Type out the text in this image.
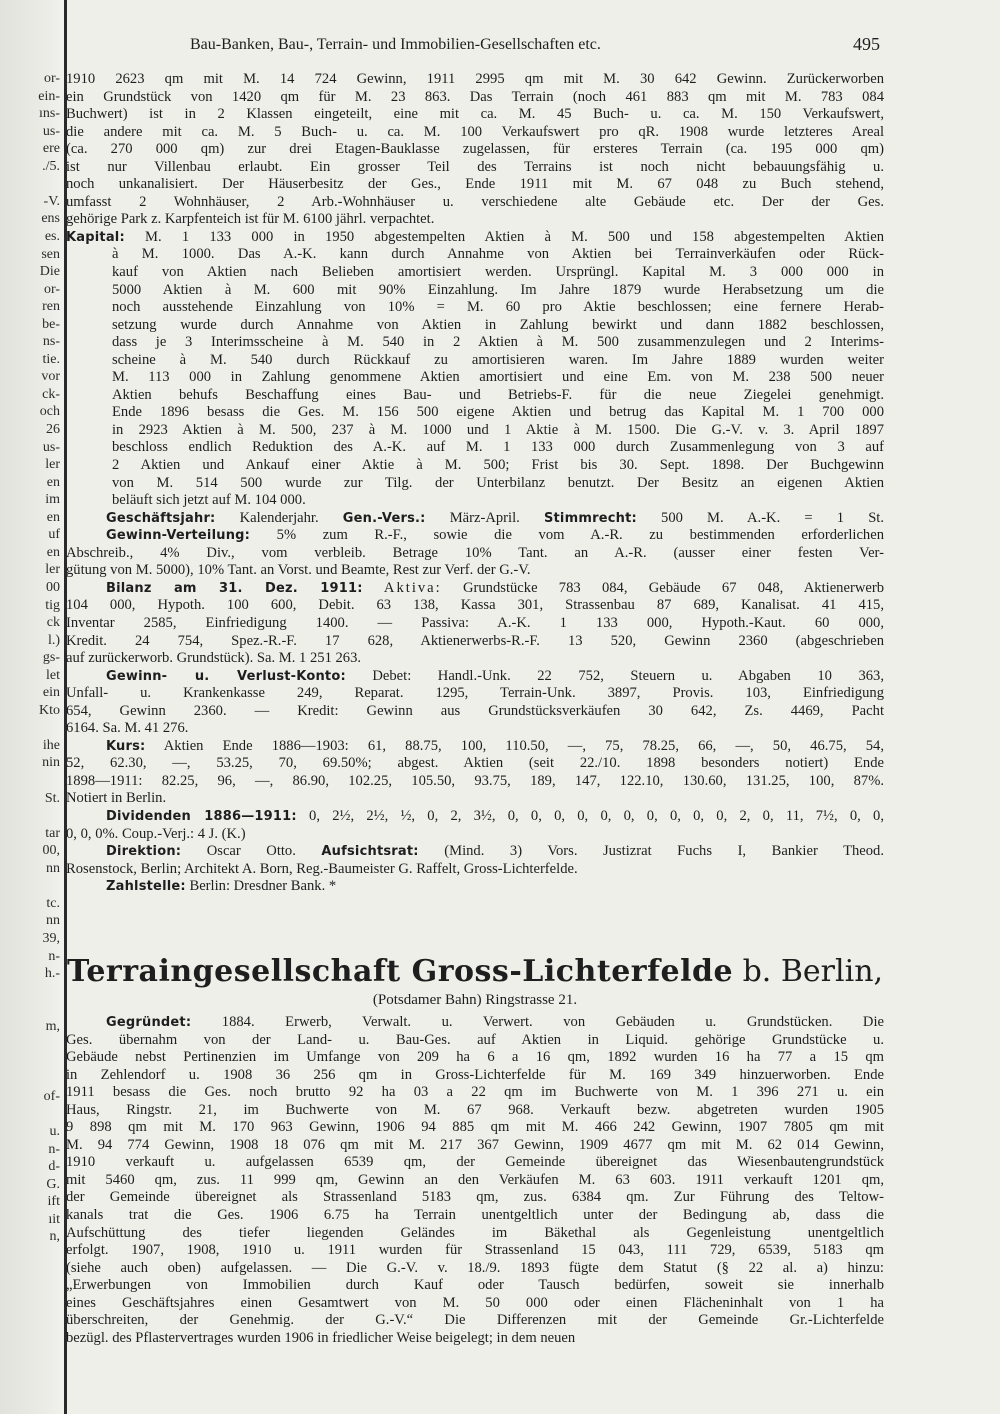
or-

ein-

ıns-

us-

ere

./5.

-V.

ens

es.

sen

Die

or-

ren

be-

ns-

tie.

vor

ck-

och

26

us-

ler

en

im

en

uf

en

ler

00

tig

ck

l.)

gs-

let

ein

Kto

ihe

nin

St.

tar

00,

nn

tc.

nn

39,

n-

h.-

m,

of-

u.

n-

d-

G.

ift

ıit

n,

Bau-Banken, Bau-, Terrain- und Immobilien-Gesellschaften etc.	495

1910 2623 qm mit M. 14 724 Gewinn, 1911 2995 qm mit M. 30 642 Gewinn. Zurückerworben

ein Grundstück von 1420 qm für M. 23 863. Das Terrain (noch 461 883 qm mit M. 783 084

Buchwert) ist in 2 Klassen eingeteilt, eine mit ca. M. 45 Buch- u. ca. M. 150 Verkaufswert,

die andere mit ca. M. 5 Buch- u. ca. M. 100 Verkaufswert pro qR. 1908 wurde letzteres Areal

(ca. 270 000 qm) zur drei Etagen-Bauklasse zugelassen, für ersteres Terrain (ca. 195 000 qm)

ist nur Villenbau erlaubt. Ein grosser Teil des Terrains ist noch nicht bebauungsfähig u.

noch unkanalisiert. Der Häuserbesitz der Ges., Ende 1911 mit M. 67 048 zu Buch stehend,

umfasst 2 Wohnhäuser, 2 Arb.-Wohnhäuser u. verschiedene alte Gebäude etc. Der der Ges.

gehörige Park z. Karpfenteich ist für M. 6100 jährl. verpachtet.

Kapital: M. 1 133 000 in 1950 abgestempelten Aktien à M. 500 und 158 abgestempelten Aktien

à M. 1000. Das A.-K. kann durch Annahme von Aktien bei Terrainverkäufen oder Rück-

kauf von Aktien nach Belieben amortisiert werden. Ursprüngl. Kapital M. 3 000 000 in

5000 Aktien à M. 600 mit 90% Einzahlung. Im Jahre 1879 wurde Herabsetzung um die

noch ausstehende Einzahlung von 10% = M. 60 pro Aktie beschlossen; eine fernere Herab-

setzung wurde durch Annahme von Aktien in Zahlung bewirkt und dann 1882 beschlossen,

dass je 3 Interimsscheine à M. 540 in 2 Aktien à M. 500 zusammenzulegen und 2 Interims-

scheine à M. 540 durch Rückkauf zu amortisieren waren. Im Jahre 1889 wurden weiter

M. 113 000 in Zahlung genommene Aktien amortisiert und eine Em. von M. 238 500 neuer

Aktien behufs Beschaffung eines Bau- und Betriebs-F. für die neue Ziegelei genehmigt.

Ende 1896 besass die Ges. M. 156 500 eigene Aktien und betrug das Kapital M. 1 700 000

in 2923 Aktien à M. 500, 237 à M. 1000 und 1 Aktie à M. 1500. Die G.-V. v. 3. April 1897

beschloss endlich Reduktion des A.-K. auf M. 1 133 000 durch Zusammenlegung von 3 auf

2 Aktien und Ankauf einer Aktie à M. 500; Frist bis 30. Sept. 1898. Der Buchgewinn

von M. 514 500 wurde zur Tilg. der Unterbilanz benutzt. Der Besitz an eigenen Aktien

beläuft sich jetzt auf M. 104 000.

Geschäftsjahr: Kalenderjahr. Gen.-Vers.: März-April. Stimmrecht: 500 M. A.-K. = 1 St.

Gewinn-Verteilung: 5% zum R.-F., sowie die vom A.-R. zu bestimmenden erforderlichen

Abschreib., 4% Div., vom verbleib. Betrage 10% Tant. an A.-R. (ausser einer festen Ver-

gütung von M. 5000), 10% Tant. an Vorst. und Beamte, Rest zur Verf. der G.-V.

Bilanz am 31. Dez. 1911: Aktiva: Grundstücke 783 084, Gebäude 67 048, Aktienerwerb

104 000, Hypoth. 100 600, Debit. 63 138, Kassa 301, Strassenbau 87 689, Kanalisat. 41 415,

Inventar 2585, Einfriedigung 1400. — Passiva: A.-K. 1 133 000, Hypoth.-Kaut. 60 000,

Kredit. 24 754, Spez.-R.-F. 17 628, Aktienerwerbs-R.-F. 13 520, Gewinn 2360 (abgeschrieben

auf zurückerworb. Grundstück). Sa. M. 1 251 263.

Gewinn- u. Verlust-Konto: Debet: Handl.-Unk. 22 752, Steuern u. Abgaben 10 363,

Unfall- u. Krankenkasse 249, Reparat. 1295, Terrain-Unk. 3897, Provis. 103, Einfriedigung

654, Gewinn 2360. — Kredit: Gewinn aus Grundstücksverkäufen 30 642, Zs. 4469, Pacht

6164. Sa. M. 41 276.

Kurs: Aktien Ende 1886—1903: 61, 88.75, 100, 110.50, —, 75, 78.25, 66, —, 50, 46.75, 54,

52, 62.30, —, 53.25, 70, 69.50%; abgest. Aktien (seit 22./10. 1898 besonders notiert) Ende

1898—1911: 82.25, 96, —, 86.90, 102.25, 105.50, 93.75, 189, 147, 122.10, 130.60, 131.25, 100, 87%.

Notiert in Berlin.

Dividenden 1886—1911: 0, 2½, 2½, ½, 0, 2, 3½, 0, 0, 0, 0, 0, 0, 0, 0, 0, 0, 2, 0, 11, 7½, 0, 0,

0, 0, 0%. Coup.-Verj.: 4 J. (K.)

Direktion: Oscar Otto. Aufsichtsrat: (Mind. 3) Vors. Justizrat Fuchs I, Bankier Theod.

Rosenstock, Berlin; Architekt A. Born, Reg.-Baumeister G. Raffelt, Gross-Lichterfelde.

Zahlstelle: Berlin: Dresdner Bank. *

Terraingesellschaft Gross-Lichterfelde b. Berlin,
(Potsdamer Bahn) Ringstrasse 21.

Gegründet: 1884. Erwerb, Verwalt. u. Verwert. von Gebäuden u. Grundstücken. Die

Ges. übernahm von der Land- u. Bau-Ges. auf Aktien in Liquid. gehörige Grundstücke u.

Gebäude nebst Pertinenzien im Umfange von 209 ha 6 a 16 qm, 1892 wurden 16 ha 77 a 15 qm

in Zehlendorf u. 1908 36 256 qm in Gross-Lichterfelde für M. 169 349 hinzuerworben. Ende

1911 besass die Ges. noch brutto 92 ha 03 a 22 qm im Buchwerte von M. 1 396 271 u. ein

Haus, Ringstr. 21, im Buchwerte von M. 67 968. Verkauft bezw. abgetreten wurden 1905

9 898 qm mit M. 170 963 Gewinn, 1906 94 885 qm mit M. 466 242 Gewinn, 1907 7805 qm mit

M. 94 774 Gewinn, 1908 18 076 qm mit M. 217 367 Gewinn, 1909 4677 qm mit M. 62 014 Gewinn,

1910 verkauft u. aufgelassen 6539 qm, der Gemeinde übereignet das Wiesenbautengrundstück

mit 5460 qm, zus. 11 999 qm, Gewinn an den Verkäufen M. 63 603. 1911 verkauft 1201 qm,

der Gemeinde übereignet als Strassenland 5183 qm, zus. 6384 qm. Zur Führung des Teltow-

kanals trat die Ges. 1906 6.75 ha Terrain unentgeltlich unter der Bedingung ab, dass die

Aufschüttung des tiefer liegenden Geländes im Bäkethal als Gegenleistung unentgeltlich

erfolgt. 1907, 1908, 1910 u. 1911 wurden für Strassenland 15 043, 111 729, 6539, 5183 qm

(siehe auch oben) aufgelassen. — Die G.-V. v. 18./9. 1893 fügte dem Statut (§ 22 al. a) hinzu:

„Erwerbungen von Immobilien durch Kauf oder Tausch bedürfen, soweit sie innerhalb

eines Geschäftsjahres einen Gesamtwert von M. 50 000 oder einen Flächeninhalt von 1 ha

überschreiten, der Genehmig. der G.-V.“ Die Differenzen mit der Gemeinde Gr.-Lichterfelde

bezügl. des Pflastervertrages wurden 1906 in friedlicher Weise beigelegt; in dem neuen
